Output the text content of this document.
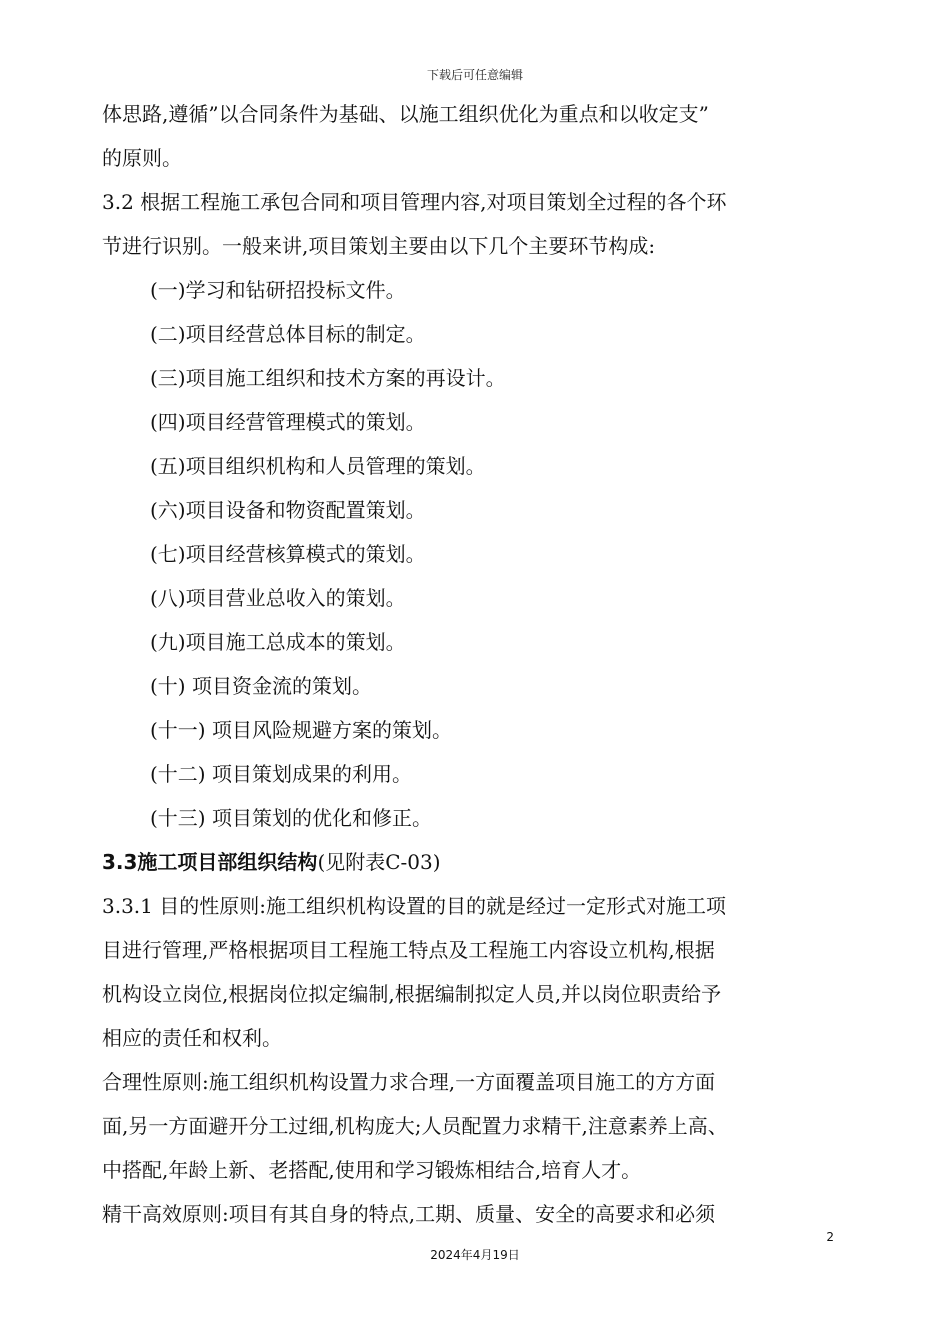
下载后可任意编辑

体思路,遵循”以合同条件为基础、以施工组织优化为重点和以收定支”

的原则。

3.2 根据工程施工承包合同和项目管理内容,对项目策划全过程的各个环

节进行识别。一般来讲,项目策划主要由以下几个主要环节构成:

(一)学习和钻研招投标文件。

(二)项目经营总体目标的制定。

(三)项目施工组织和技术方案的再设计。

(四)项目经营管理模式的策划。

(五)项目组织机构和人员管理的策划。

(六)项目设备和物资配置策划。

(七)项目经营核算模式的策划。

(八)项目营业总收入的策划。

(九)项目施工总成本的策划。

(十) 项目资金流的策划。

(十一) 项目风险规避方案的策划。

(十二) 项目策划成果的利用。

(十三) 项目策划的优化和修正。

3.3施工项目部组织结构(见附表C-03)

3.3.1 目的性原则:施工组织机构设置的目的就是经过一定形式对施工项

目进行管理,严格根据项目工程施工特点及工程施工内容设立机构,根据

机构设立岗位,根据岗位拟定编制,根据编制拟定人员,并以岗位职责给予

相应的责任和权利。

合理性原则:施工组织机构设置力求合理,一方面覆盖项目施工的方方面

面,另一方面避开分工过细,机构庞大;人员配置力求精干,注意素养上高、

中搭配,年龄上新、老搭配,使用和学习锻炼相结合,培育人才。

精干高效原则:项目有其自身的特点,工期、质量、安全的高要求和必须

2
2024年4月19日
